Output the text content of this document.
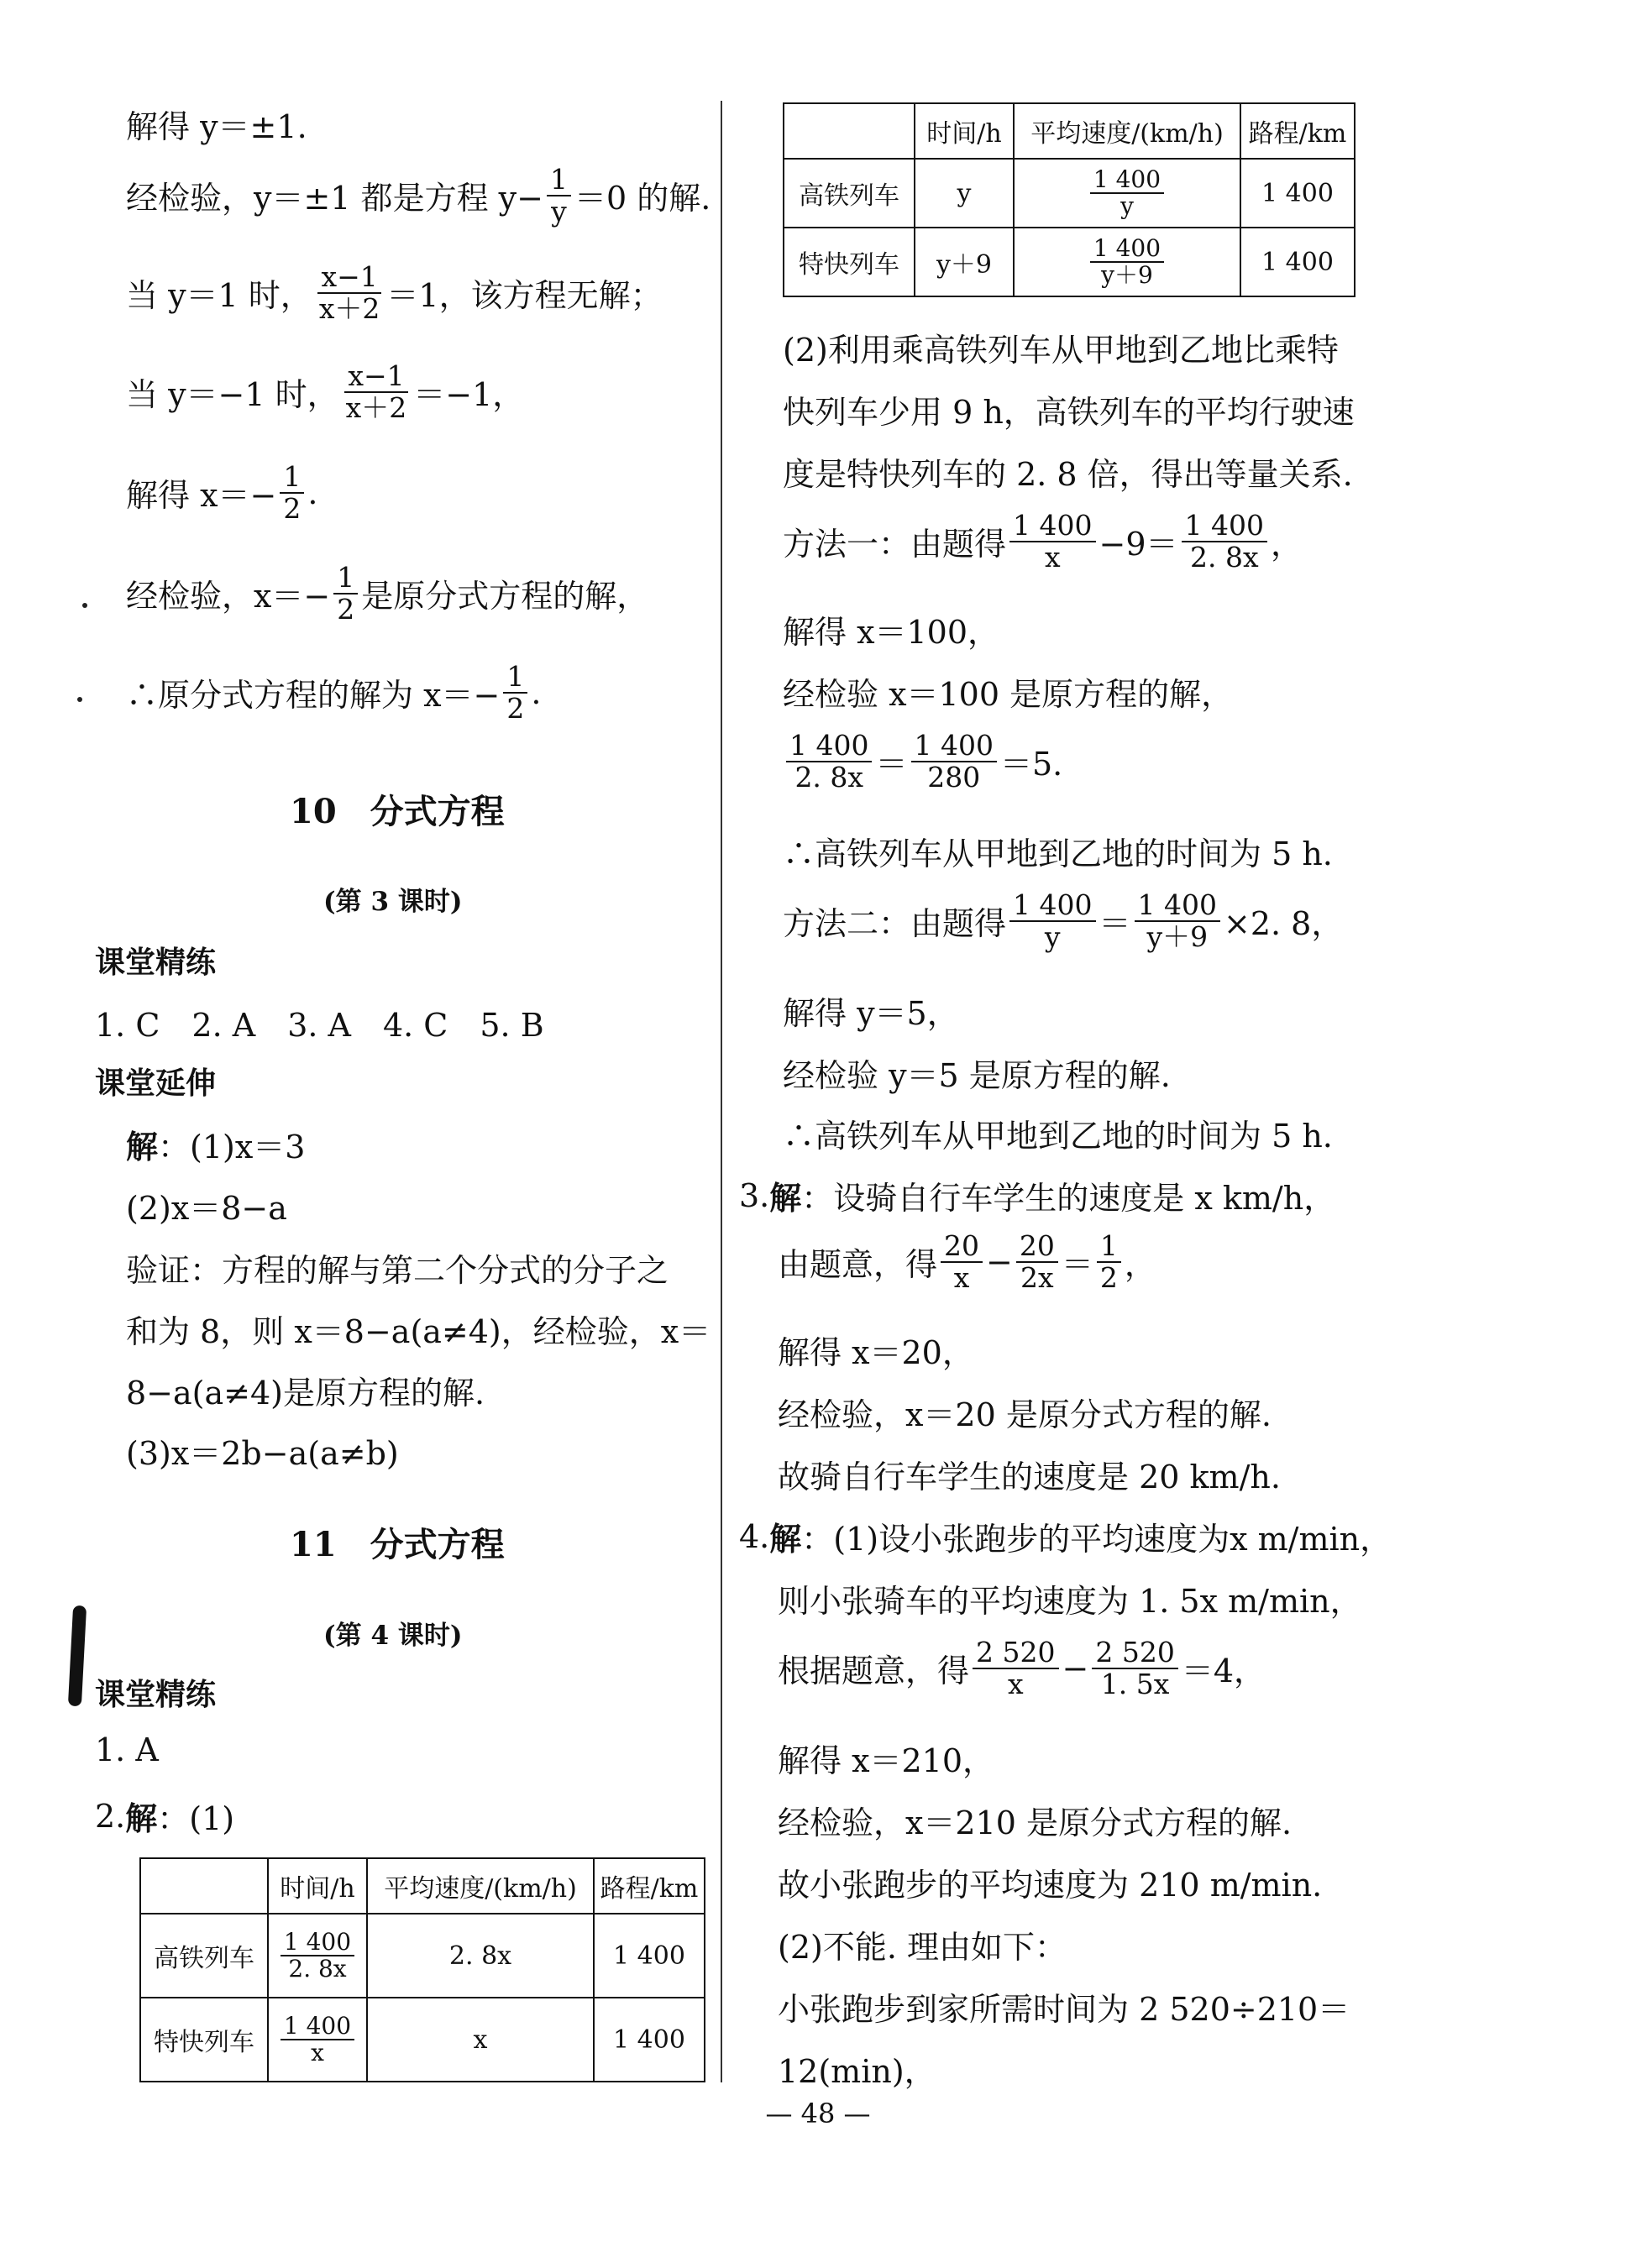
解得 y＝±1.
经检验，y＝±1 都是方程 $y- \frac{1}{y} =0$ 的解.
当 y＝1 时， $\frac{x-1}{x+2} =1$，该方程无解；
当 y＝−1 时， $\frac{x-1}{x+2} =-1$，
解得 $x=- \frac{1}{2}$ .
经检验，$x=- \frac{1}{2}$ 是原分式方程的解，
∴原分式方程的解为 $x=- \frac{1}{2}$ .
10　分式方程
(第 3 课时)
课堂精练
1. C　2. A　3. A　4. C　5. B
课堂延伸
解 ：(1)x＝3
(2)x＝8−a
验证：方程的解与第二个分式的分子之
和为 8，则 x＝8−a(a≠4)，经检验，x＝
8−a(a≠4)是原方程的解.
(3)x＝2b−a(a≠b)
11　分式方程
(第 4 课时)
课堂精练
1. A
2. 解 ：(1)
	时间/h	平均速度/(km/h)	路程/km
高铁列车	$\frac{1 400}{2. 8x}$	2. 8x	1 400
特快列车	$\frac{1 400}{x}$	x	1 400
	时间/h	平均速度/(km/h)	路程/km
高铁列车	y	$\frac{1 400}{y}$	1 400
特快列车	y＋9	$\frac{1 400}{y+9}$	1 400
(2)利用乘高铁列车从甲地到乙地比乘特
快列车少用 9 h，高铁列车的平均行驶速
度是特快列车的 2. 8 倍，得出等量关系.
方法一：由题得 $\frac{1 400}{x} -9= \frac{1 400}{2. 8x}$ ，
解得 x＝100，
经检验 x＝100 是原方程的解，
$\frac{1 400}{2. 8x} = \frac{1 400}{280} =5$.
∴高铁列车从甲地到乙地的时间为 5 h.
方法二：由题得 $\frac{1 400}{y} = \frac{1 400}{y+9} \times 2$. 8，
解得 y＝5，
经检验 y＝5 是原方程的解.
∴高铁列车从甲地到乙地的时间为 5 h.
3. 解 ：设骑自行车学生的速度是 x km/h，
由题意，得 $\frac{20}{x} - \frac{20}{2x} = \frac{1}{2}$ ，
解得 x＝20，
经检验，x＝20 是原分式方程的解.
故骑自行车学生的速度是 20 km/h.
4. 解 ：(1)设小张跑步的平均速度为x m/min，
则小张骑车的平均速度为 1. 5x m/min，
根据题意，得 $\frac{2 520}{x} - \frac{2 520}{1. 5x} =4$，
解得 x＝210，
经检验，x＝210 是原分式方程的解.
故小张跑步的平均速度为 210 m/min.
(2)不能. 理由如下：
小张跑步到家所需时间为 2 520÷210＝
12(min)，
— 48 —
